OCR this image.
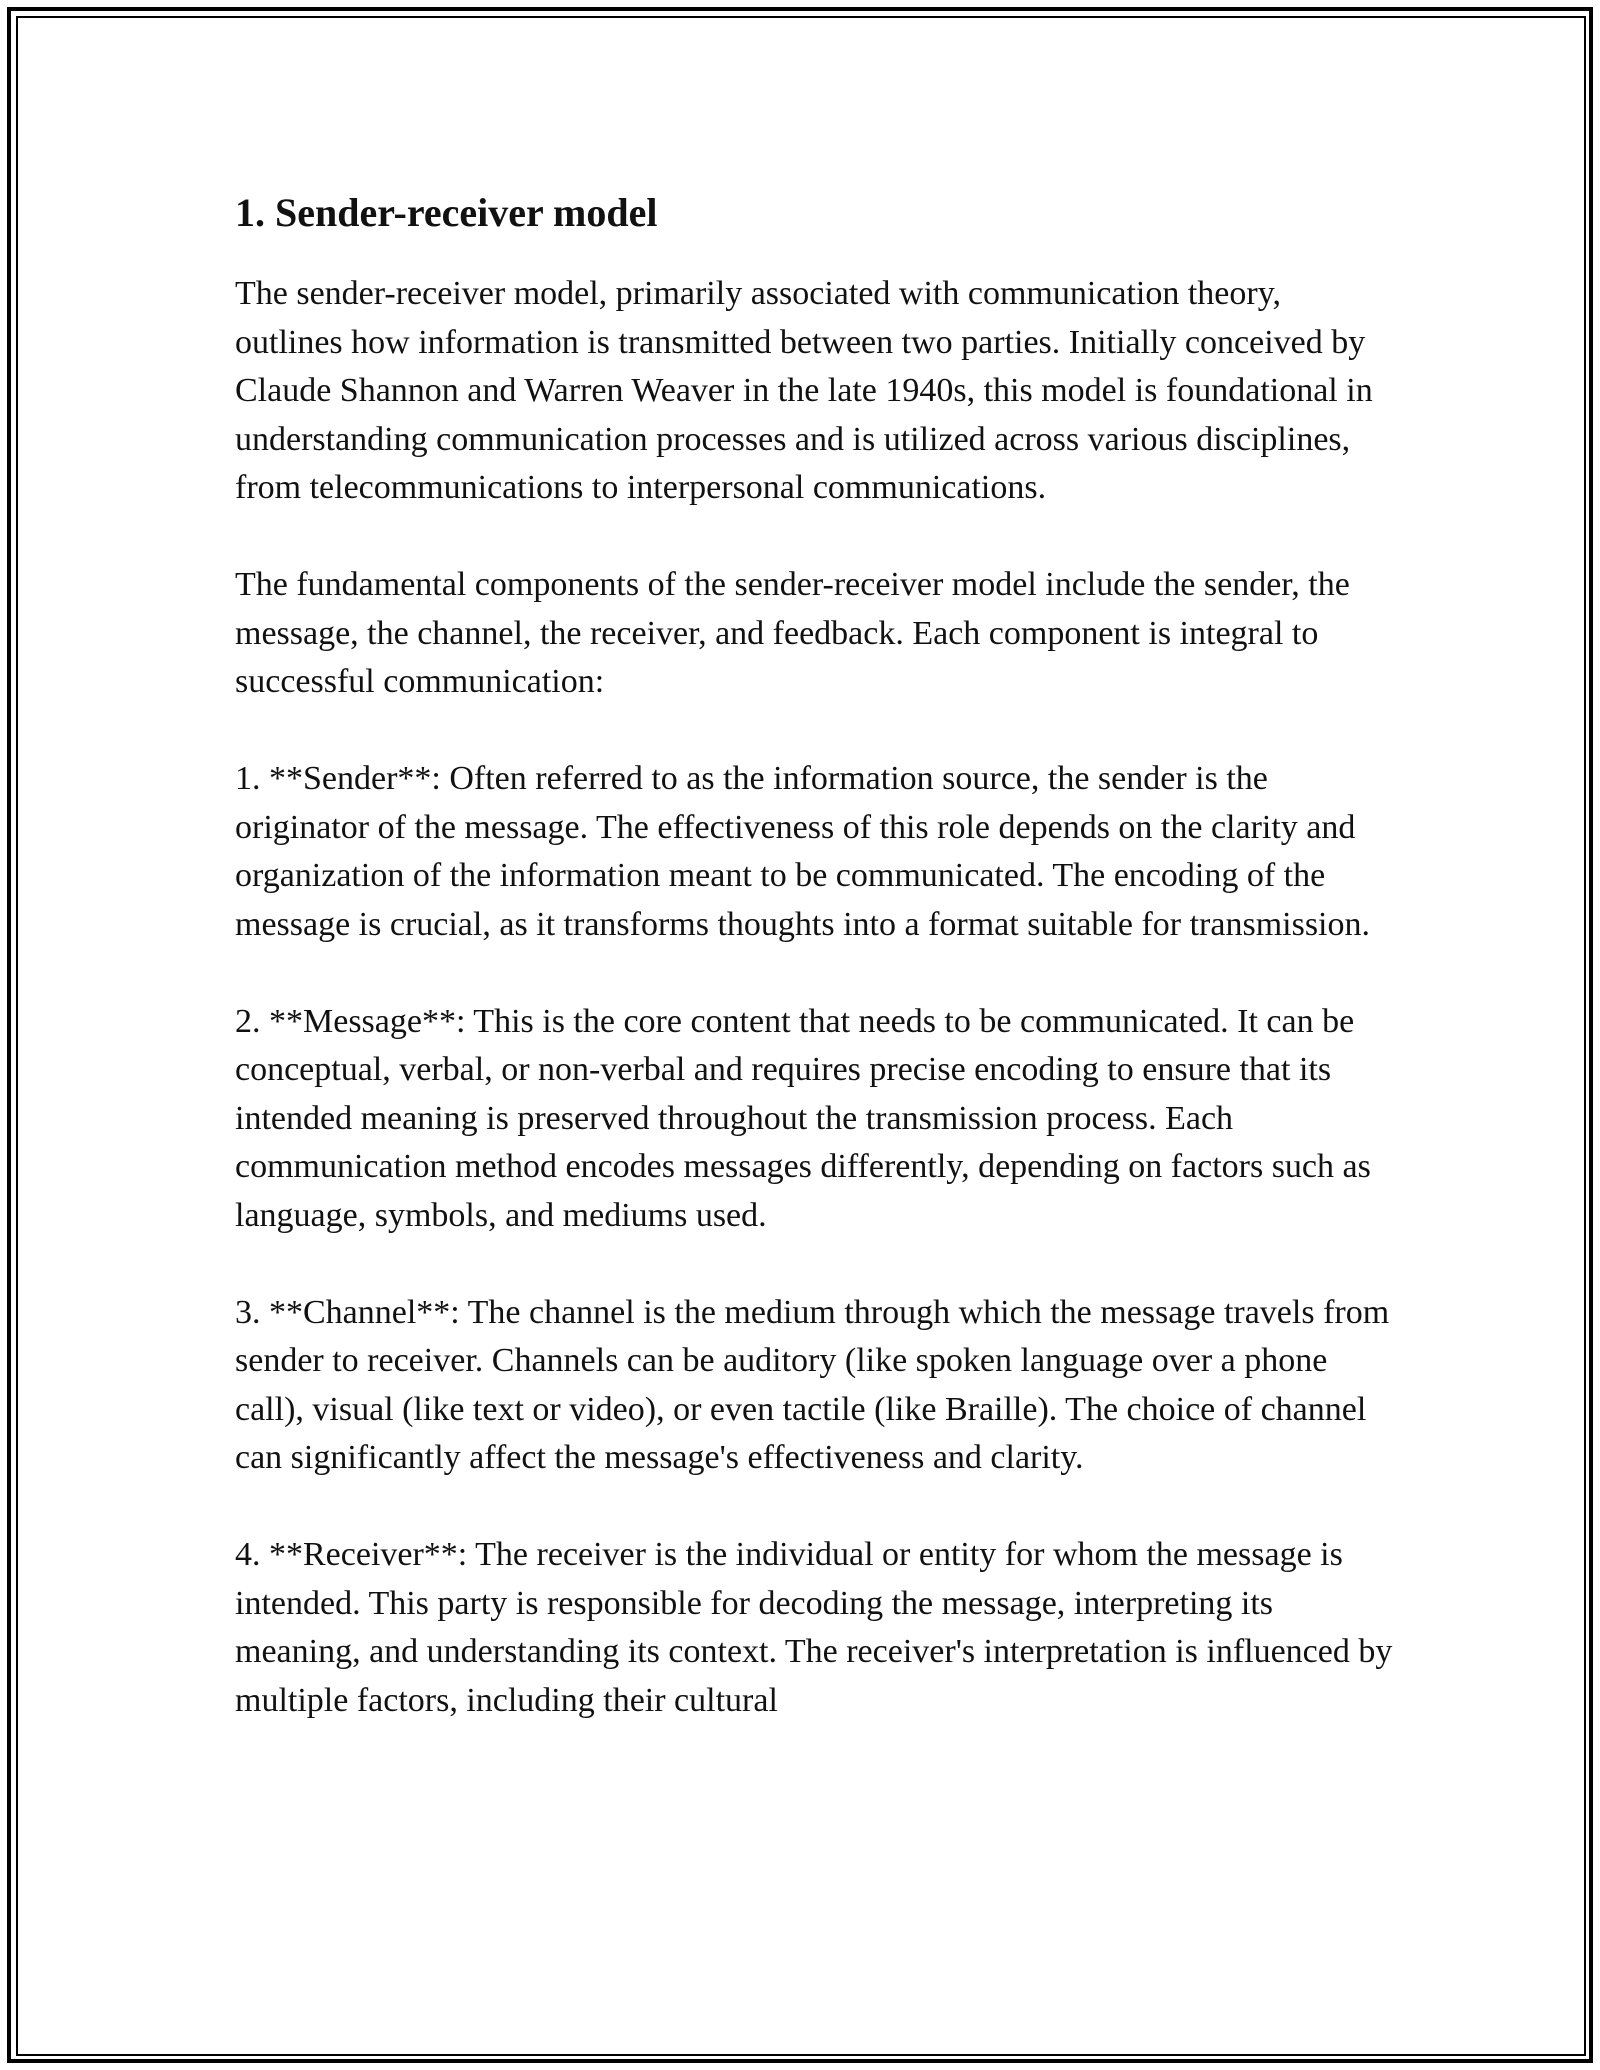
1. Sender-receiver model

The sender-receiver model, primarily associated with communication theory, outlines how information is transmitted between two parties. Initially conceived by Claude Shannon and Warren Weaver in the late 1940s, this model is foundational in understanding communication processes and is utilized across various disciplines, from telecommunications to interpersonal communications.

The fundamental components of the sender-receiver model include the sender, the message, the channel, the receiver, and feedback. Each component is integral to successful communication:

1. **Sender**: Often referred to as the information source, the sender is the originator of the message. The effectiveness of this role depends on the clarity and organization of the information meant to be communicated. The encoding of the message is crucial, as it transforms thoughts into a format suitable for transmission.

2. **Message**: This is the core content that needs to be communicated. It can be conceptual, verbal, or non-verbal and requires precise encoding to ensure that its intended meaning is preserved throughout the transmission process. Each communication method encodes messages differently, depending on factors such as language, symbols, and mediums used.

3. **Channel**: The channel is the medium through which the message travels from sender to receiver. Channels can be auditory (like spoken language over a phone call), visual (like text or video), or even tactile (like Braille). The choice of channel can significantly affect the message's effectiveness and clarity.

4. **Receiver**: The receiver is the individual or entity for whom the message is intended. This party is responsible for decoding the message, interpreting its meaning, and understanding its context. The receiver's interpretation is influenced by multiple factors, including their cultural
